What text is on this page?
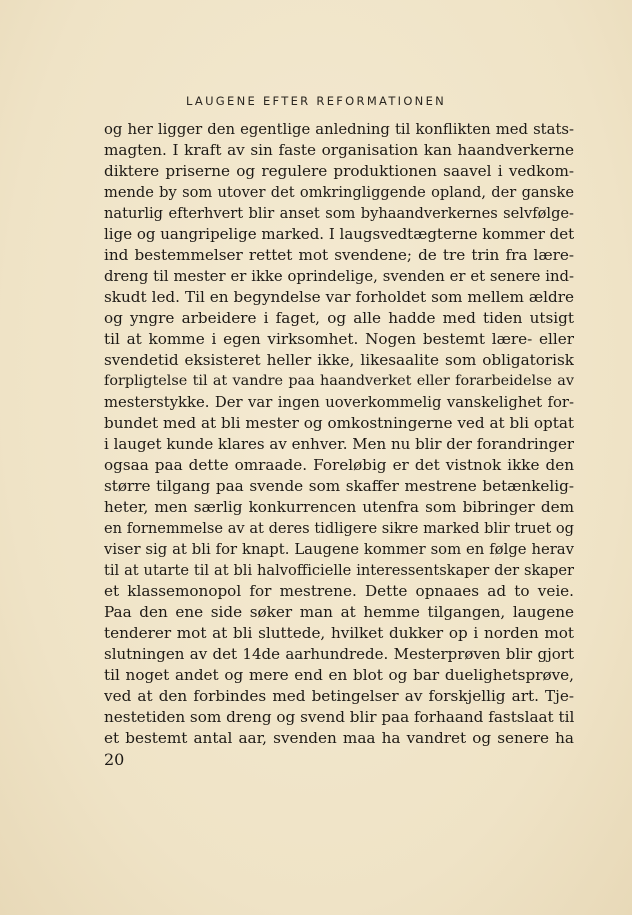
LAUGENE EFTER REFORMATIONEN
og her ligger den egentlige anledning til konflikten med stats-
magten. I kraft av sin faste organisation kan haandverkerne
diktere priserne og regulere produktionen saavel i vedkom-
mende by som utover det omkringliggende opland, der ganske
naturlig efterhvert blir anset som byhaandverkernes selvfølge-
lige og uangripelige marked. I laugsvedtægterne kommer det
ind bestemmelser rettet mot svendene; de tre trin fra lære-
dreng til mester er ikke oprindelige, svenden er et senere ind-
skudt led. Til en begyndelse var forholdet som mellem ældre
og yngre arbeidere i faget, og alle hadde med tiden utsigt
til at komme i egen virksomhet. Nogen bestemt lære- eller
svendetid eksisteret heller ikke, likesaalite som obligatorisk
forpligtelse til at vandre paa haandverket eller forarbeidelse av
mesterstykke. Der var ingen uoverkommelig vanskelighet for-
bundet med at bli mester og omkostningerne ved at bli optat
i lauget kunde klares av enhver. Men nu blir der forandringer
ogsaa paa dette omraade. Foreløbig er det vistnok ikke den
større tilgang paa svende som skaffer mestrene betænkelig-
heter, men særlig konkurrencen utenfra som bibringer dem
en fornemmelse av at deres tidligere sikre marked blir truet og
viser sig at bli for knapt. Laugene kommer som en følge herav
til at utarte til at bli halvofficielle interessentskaper der skaper
et klassemonopol for mestrene. Dette opnaaes ad to veie.
Paa den ene side søker man at hemme tilgangen, laugene
tenderer mot at bli sluttede, hvilket dukker op i norden mot
slutningen av det 14de aarhundrede. Mesterprøven blir gjort
til noget andet og mere end en blot og bar duelighetsprøve,
ved at den forbindes med betingelser av forskjellig art. Tje-
nestetiden som dreng og svend blir paa forhaand fastslaat til
et bestemt antal aar, svenden maa ha vandret og senere ha
20
